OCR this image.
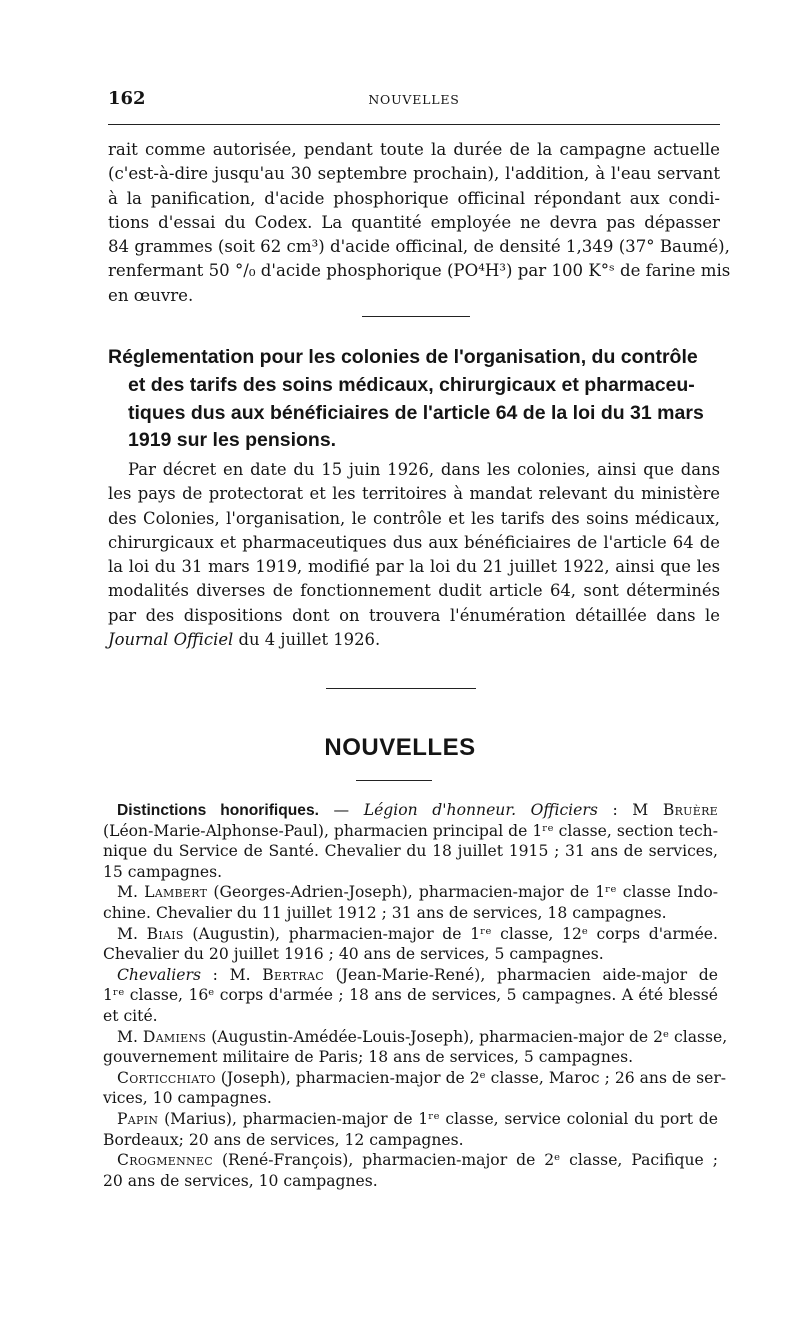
162	NOUVELLES

rait comme autorisée, pendant toute la durée de la campagne actuelle
(c'est-à-dire jusqu'au 30 septembre prochain), l'addition, à l'eau servant
à la panification, d'acide phosphorique officinal répondant aux condi-
tions d'essai du Codex. La quantité employée ne devra pas dépasser
84 grammes (soit 62 cm³) d'acide officinal, de densité 1,349 (37° Baumé),
renfermant 50 °/₀ d'acide phosphorique (PO⁴H³) par 100 K°ˢ de farine mis
en œuvre.

Réglementation pour les colonies de l'organisation, du contrôle
et des tarifs des soins médicaux, chirurgicaux et pharmaceu-
tiques dus aux bénéficiaires de l'article 64 de la loi du 31 mars
1919 sur les pensions.

Par décret en date du 15 juin 1926, dans les colonies, ainsi que dans
les pays de protectorat et les territoires à mandat relevant du ministère
des Colonies, l'organisation, le contrôle et les tarifs des soins médicaux,
chirurgicaux et pharmaceutiques dus aux bénéficiaires de l'article 64 de
la loi du 31 mars 1919, modifié par la loi du 21 juillet 1922, ainsi que les
modalités diverses de fonctionnement dudit article 64, sont déterminés
par des dispositions dont on trouvera l'énumération détaillée dans le
Journal Officiel du 4 juillet 1926.

NOUVELLES

Distinctions honorifiques. — Légion d'honneur. Officiers : M Bruère
(Léon-Marie-Alphonse-Paul), pharmacien principal de 1ʳᵉ classe, section tech-
nique du Service de Santé. Chevalier du 18 juillet 1915 ; 31 ans de services,
15 campagnes.

M. Lambert (Georges-Adrien-Joseph), pharmacien-major de 1ʳᵉ classe Indo-
chine. Chevalier du 11 juillet 1912 ; 31 ans de services, 18 campagnes.

M. Biais (Augustin), pharmacien-major de 1ʳᵉ classe, 12ᵉ corps d'armée.
Chevalier du 20 juillet 1916 ; 40 ans de services, 5 campagnes.

Chevaliers : M. Bertrac (Jean-Marie-René), pharmacien aide-major de
1ʳᵉ classe, 16ᵉ corps d'armée ; 18 ans de services, 5 campagnes. A été blessé
et cité.

M. Damiens (Augustin-Amédée-Louis-Joseph), pharmacien-major de 2ᵉ classe,
gouvernement militaire de Paris; 18 ans de services, 5 campagnes.

Corticchiato (Joseph), pharmacien-major de 2ᵉ classe, Maroc ; 26 ans de ser-
vices, 10 campagnes.

Papin (Marius), pharmacien-major de 1ʳᵉ classe, service colonial du port de
Bordeaux; 20 ans de services, 12 campagnes.

Crogmennec (René-François), pharmacien-major de 2ᵉ classe, Pacifique ;
20 ans de services, 10 campagnes.
